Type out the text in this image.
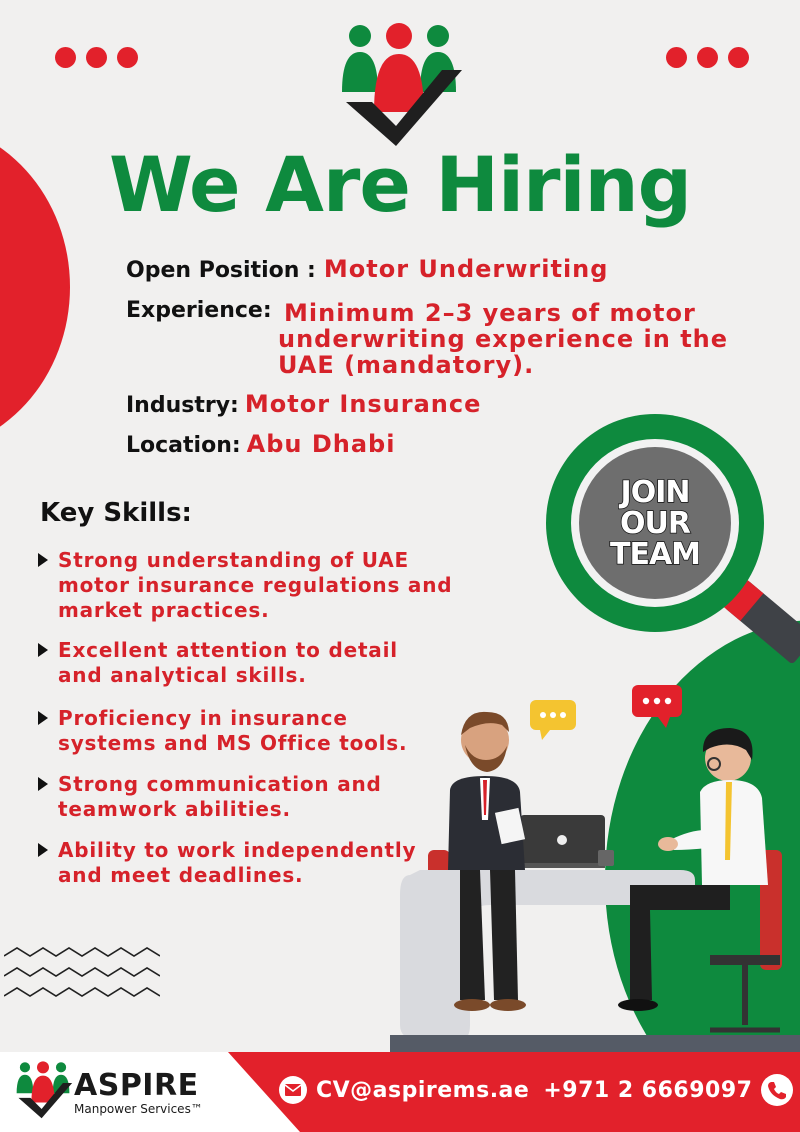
We Are Hiring
Open Position : Motor Underwriting
Experience: Minimum 2–3 years of motor
underwriting experience in the
UAE (mandatory).
Industry: Motor Insurance
Location: Abu Dhabi
Key Skills:
Strong understanding of UAE
motor insurance regulations and
market practices.
Excellent attention to detail
and analytical skills.
Proficiency in insurance
systems and MS Office tools.
Strong communication and
teamwork abilities.
Ability to work independently
and meet deadlines.
JOIN
OUR
TEAM
ASPIRE
Manpower Services™
CV@aspirems.ae +971 2 6669097
